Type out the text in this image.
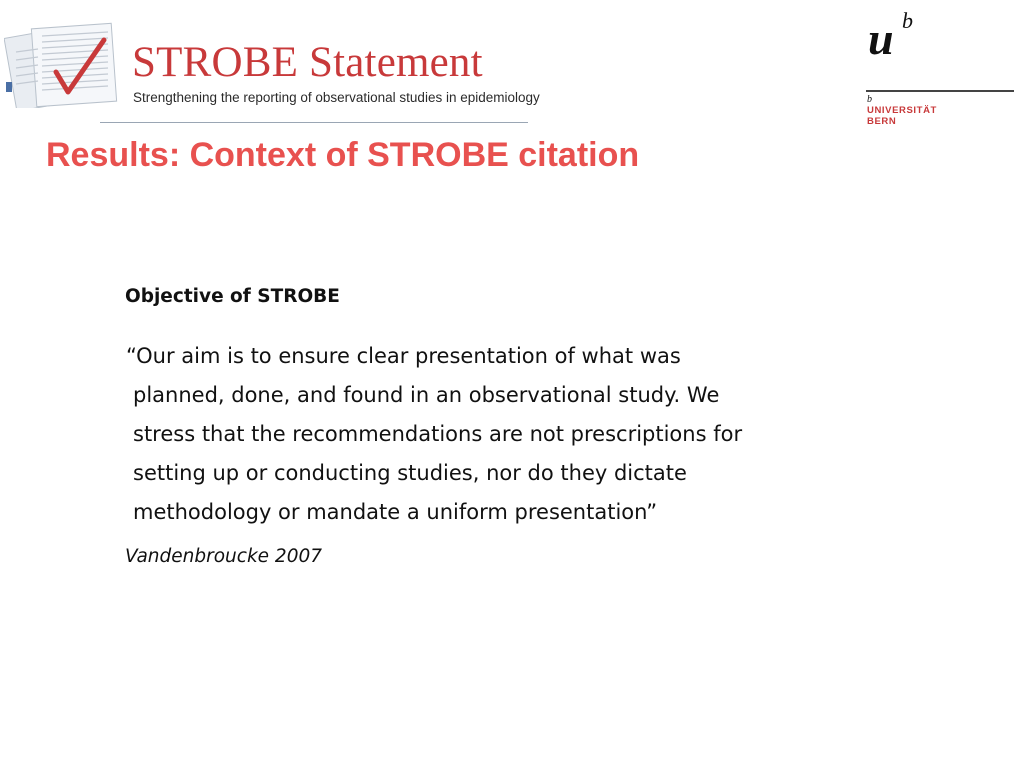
STROBE Statement
Strengthening the reporting of observational studies in epidemiology
u b
b
UNIVERSITÄT
BERN
Results: Context of STROBE citation
Objective of STROBE
“Our aim is to ensure clear presentation of what was
planned, done, and found in an observational study. We
stress that the recommendations are not prescriptions for
setting up or conducting studies, nor do they dictate
methodology or mandate a uniform presentation”
Vandenbroucke 2007
